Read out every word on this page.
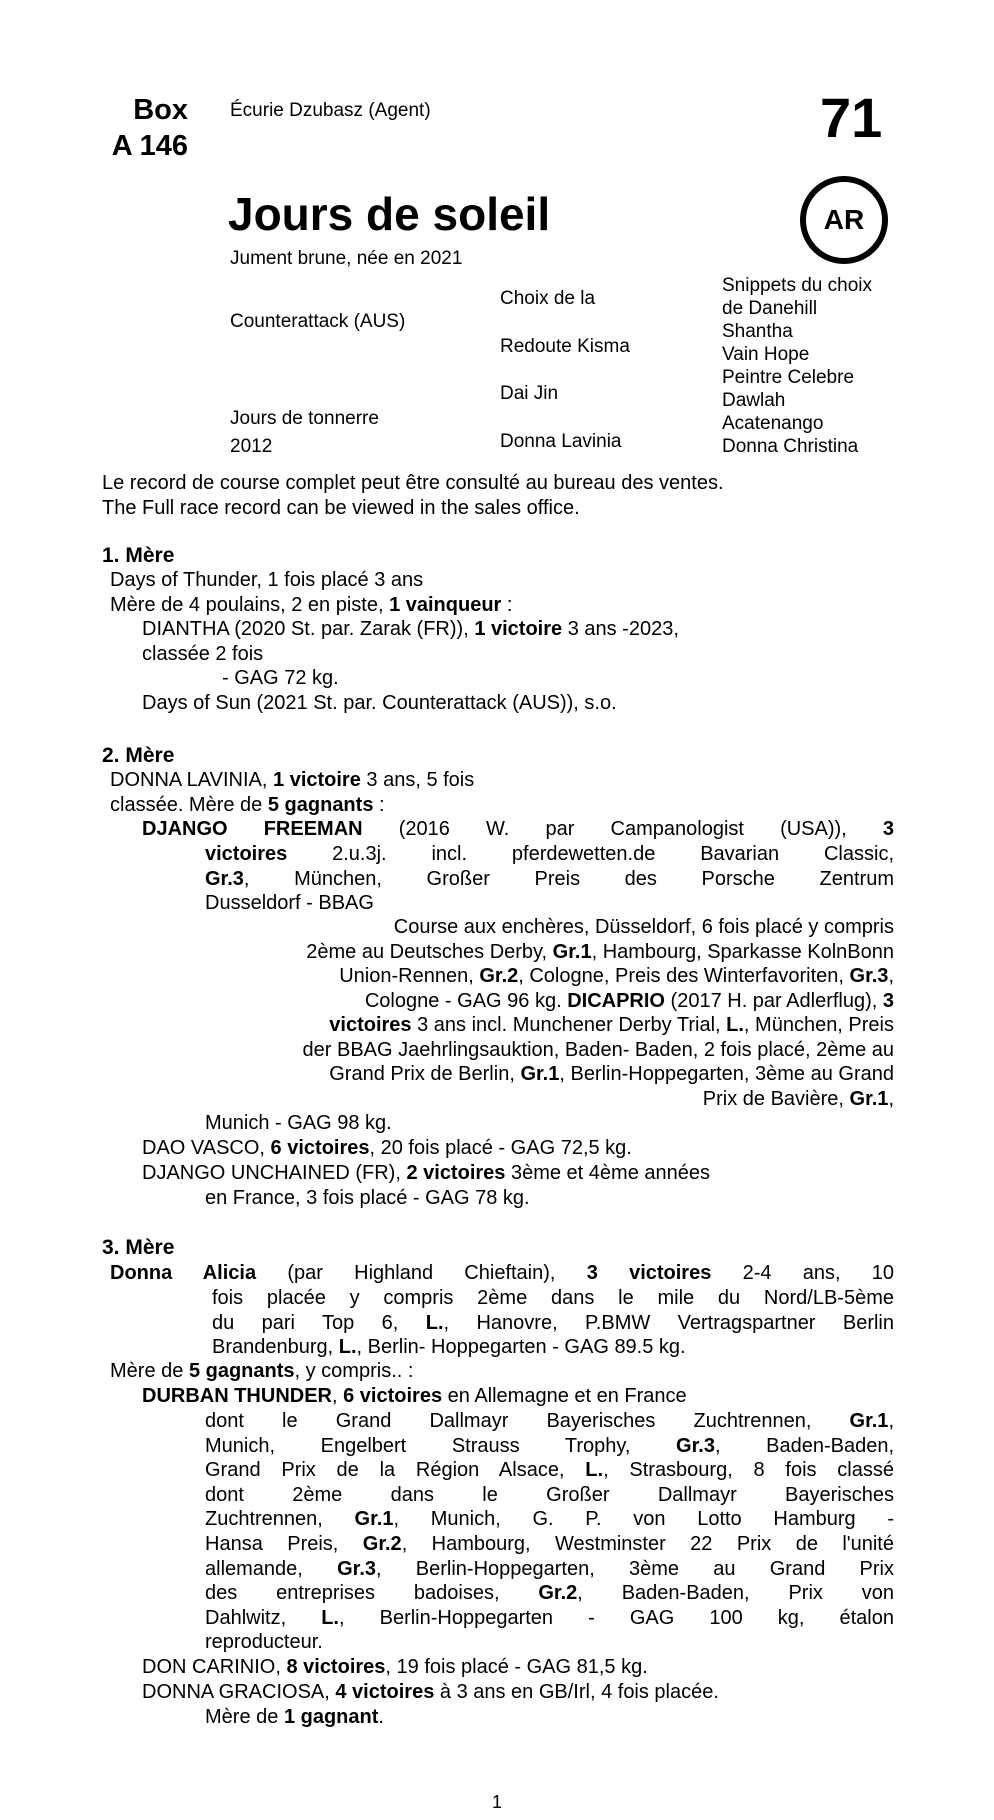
Box
A 146
Écurie Dzubasz (Agent)	71
AR
Jours de soleil
Jument brune, née en 2021
Counterattack (AUS)
Jours de tonnerre
2012
Choix de la
Redoute Kisma
Dai Jin
Donna Lavinia
Snippets du choix
de Danehill
Shantha
Vain Hope
Peintre Celebre
Dawlah
Acatenango
Donna Christina
Le record de course complet peut être consulté au bureau des ventes.
The Full race record can be viewed in the sales office.
1. Mère
Days of Thunder, 1 fois placé 3 ans
Mère de 4 poulains, 2 en piste, 1 vainqueur :
DIANTHA (2020 St. par. Zarak (FR)), 1 victoire 3 ans -2023,
classée 2 fois
- GAG 72 kg.
Days of Sun (2021 St. par. Counterattack (AUS)), s.o.
2. Mère
DONNA LAVINIA, 1 victoire 3 ans, 5 fois
classée. Mère de 5 gagnants :
DJANGO FREEMAN (2016 W. par Campanologist (USA)), 3
victoires 2.u.3j. incl. pferdewetten.de Bavarian Classic,
Gr.3, München, Großer Preis des Porsche Zentrum
Dusseldorf - BBAG
Course aux enchères, Düsseldorf, 6 fois placé y compris
2ème au Deutsches Derby, Gr.1, Hambourg, Sparkasse KolnBonn
Union-Rennen, Gr.2, Cologne, Preis des Winterfavoriten, Gr.3,
Cologne - GAG 96 kg. DICAPRIO (2017 H. par Adlerflug), 3
victoires 3 ans incl. Munchener Derby Trial, L., München, Preis
der BBAG Jaehrlingsauktion, Baden- Baden, 2 fois placé, 2ème au
Grand Prix de Berlin, Gr.1, Berlin-Hoppegarten, 3ème au Grand
Prix de Bavière, Gr.1,
Munich - GAG 98 kg.
DAO VASCO, 6 victoires, 20 fois placé - GAG 72,5 kg.
DJANGO UNCHAINED (FR), 2 victoires 3ème et 4ème années
en France, 3 fois placé - GAG 78 kg.
3. Mère
Donna Alicia (par Highland Chieftain), 3 victoires 2-4 ans, 10
fois placée y compris 2ème dans le mile du Nord/LB-5ème
du pari Top 6, L., Hanovre, P.BMW Vertragspartner Berlin
Brandenburg, L., Berlin- Hoppegarten - GAG 89.5 kg.
Mère de 5 gagnants, y compris.. :
DURBAN THUNDER, 6 victoires en Allemagne et en France
dont le Grand Dallmayr Bayerisches Zuchtrennen, Gr.1,
Munich, Engelbert Strauss Trophy, Gr.3, Baden-Baden,
Grand Prix de la Région Alsace, L., Strasbourg, 8 fois classé
dont 2ème dans le Großer Dallmayr Bayerisches
Zuchtrennen, Gr.1, Munich, G. P. von Lotto Hamburg -
Hansa Preis, Gr.2, Hambourg, Westminster 22 Prix de l'unité
allemande, Gr.3, Berlin-Hoppegarten, 3ème au Grand Prix
des entreprises badoises, Gr.2, Baden-Baden, Prix von
Dahlwitz, L., Berlin-Hoppegarten - GAG 100 kg, étalon
reproducteur.
DON CARINIO, 8 victoires, 19 fois placé - GAG 81,5 kg.
DONNA GRACIOSA, 4 victoires à 3 ans en GB/Irl, 4 fois placée.
Mère de 1 gagnant.
1
